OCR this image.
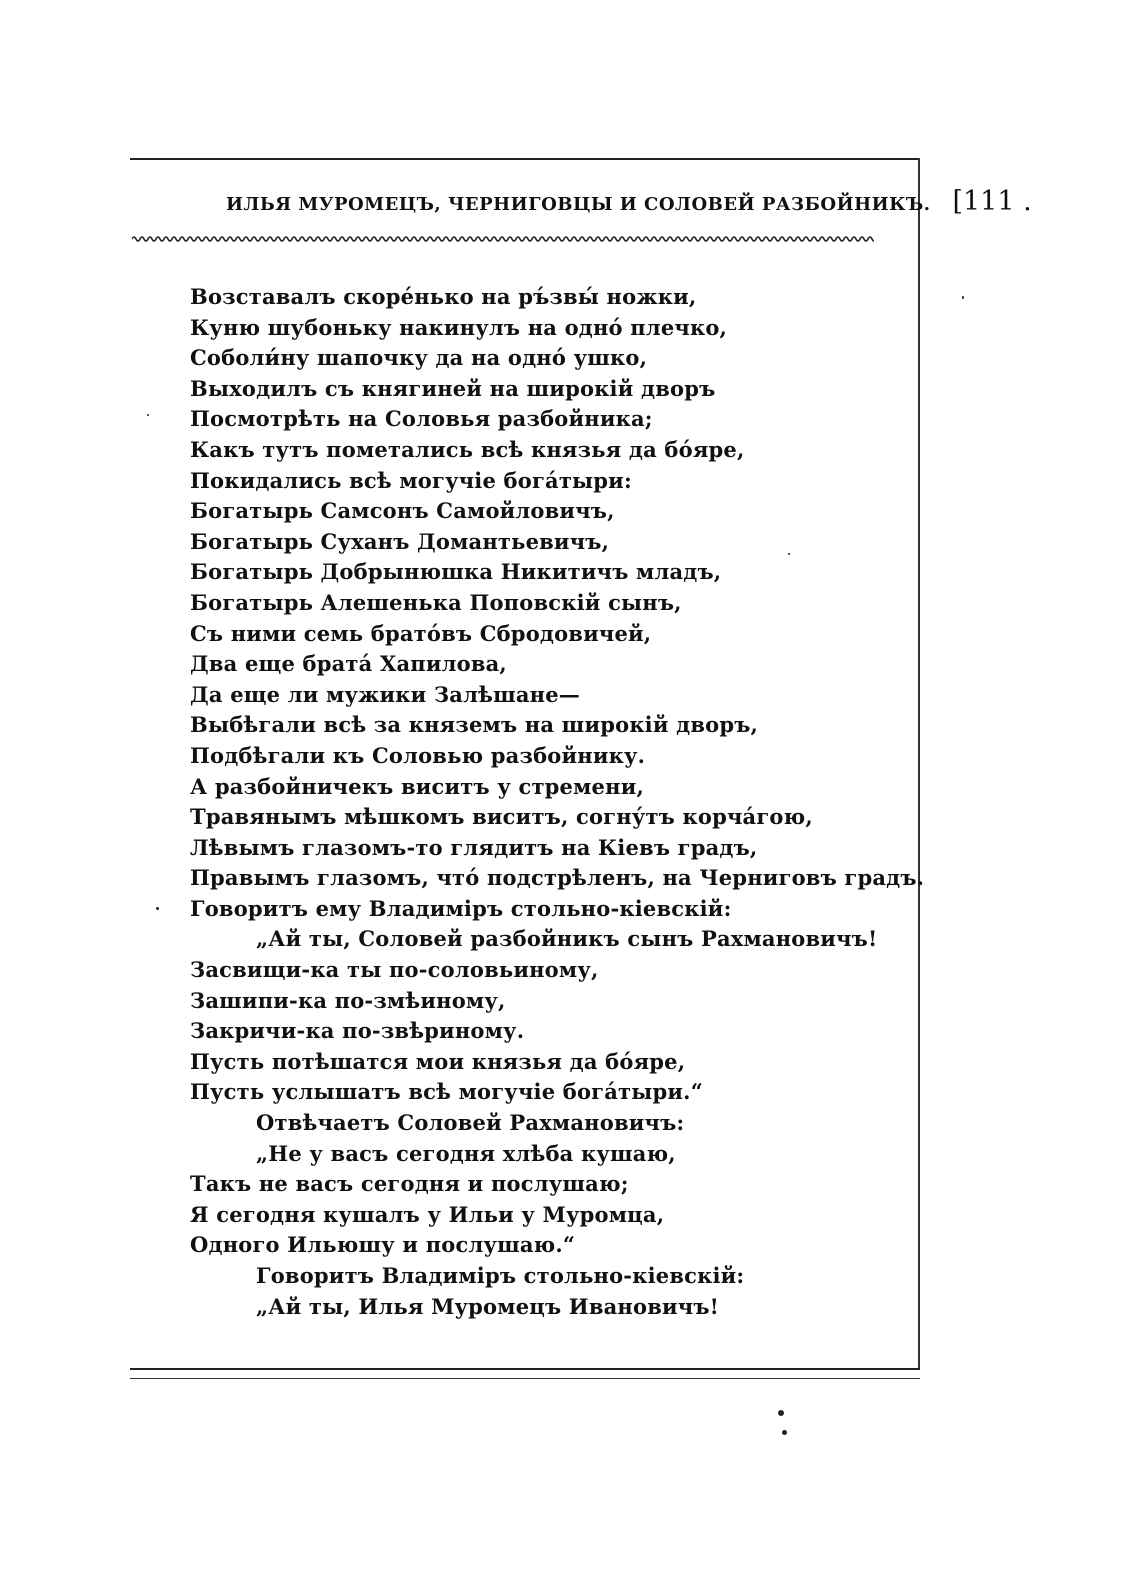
ИЛЬЯ МУРОМЕЦЪ, ЧЕРНИГОВЦЫ И СОЛОВЕЙ РАЗБОЙНИКЪ. [111 .
Возставалъ скоре́нько на ръ́звы́ ножки,
Куню шубоньку накинулъ на одно́ плечко,
Соболи́ну шапочку да на одно́ ушко,
Выходилъ съ княгиней на широкій дворъ
Посмотрѣть на Соловья разбойника;
Какъ тутъ пометались всѣ князья да бо́яре,
Покидались всѣ могучіе бога́тыри:
Богатырь Самсонъ Самойловичъ,
Богатырь Суханъ Домантьевичъ,
Богатырь Добрынюшка Никитичъ младъ,
Богатырь Алешенька Поповскій сынъ,
Съ ними семь брато́въ Сбродовичей,
Два еще брата́ Хапилова,
Да еще ли мужики Залѣшане—
Выбѣгали всѣ за княземъ на широкій дворъ,
Подбѣгали къ Соловью разбойнику.
А разбойничекъ виситъ у стремени,
Травянымъ мѣшкомъ виситъ, согну́тъ корча́гою,
Лѣвымъ глазомъ-то глядитъ на Кіевъ градъ,
Правымъ глазомъ, что́ подстрѣленъ, на Черниговъ градъ.
Говоритъ ему Владиміръ стольно-кіевскій:
„Ай ты, Соловей разбойникъ сынъ Рахмановичъ!
Засвищи-ка ты по-соловьиному,
Зашипи-ка по-змѣиному,
Закричи-ка по-звѣриному.
Пусть потѣшатся мои князья да бо́яре,
Пусть услышатъ всѣ могучіе бога́тыри.“
Отвѣчаетъ Соловей Рахмановичъ:
„Не у васъ сегодня хлѣба кушаю,
Такъ не васъ сегодня и послушаю;
Я сегодня кушалъ у Ильи у Муромца,
Одного Ильюшу и послушаю.“
Говоритъ Владиміръ стольно-кіевскій:
„Ай ты, Илья Муромецъ Ивановичъ!
